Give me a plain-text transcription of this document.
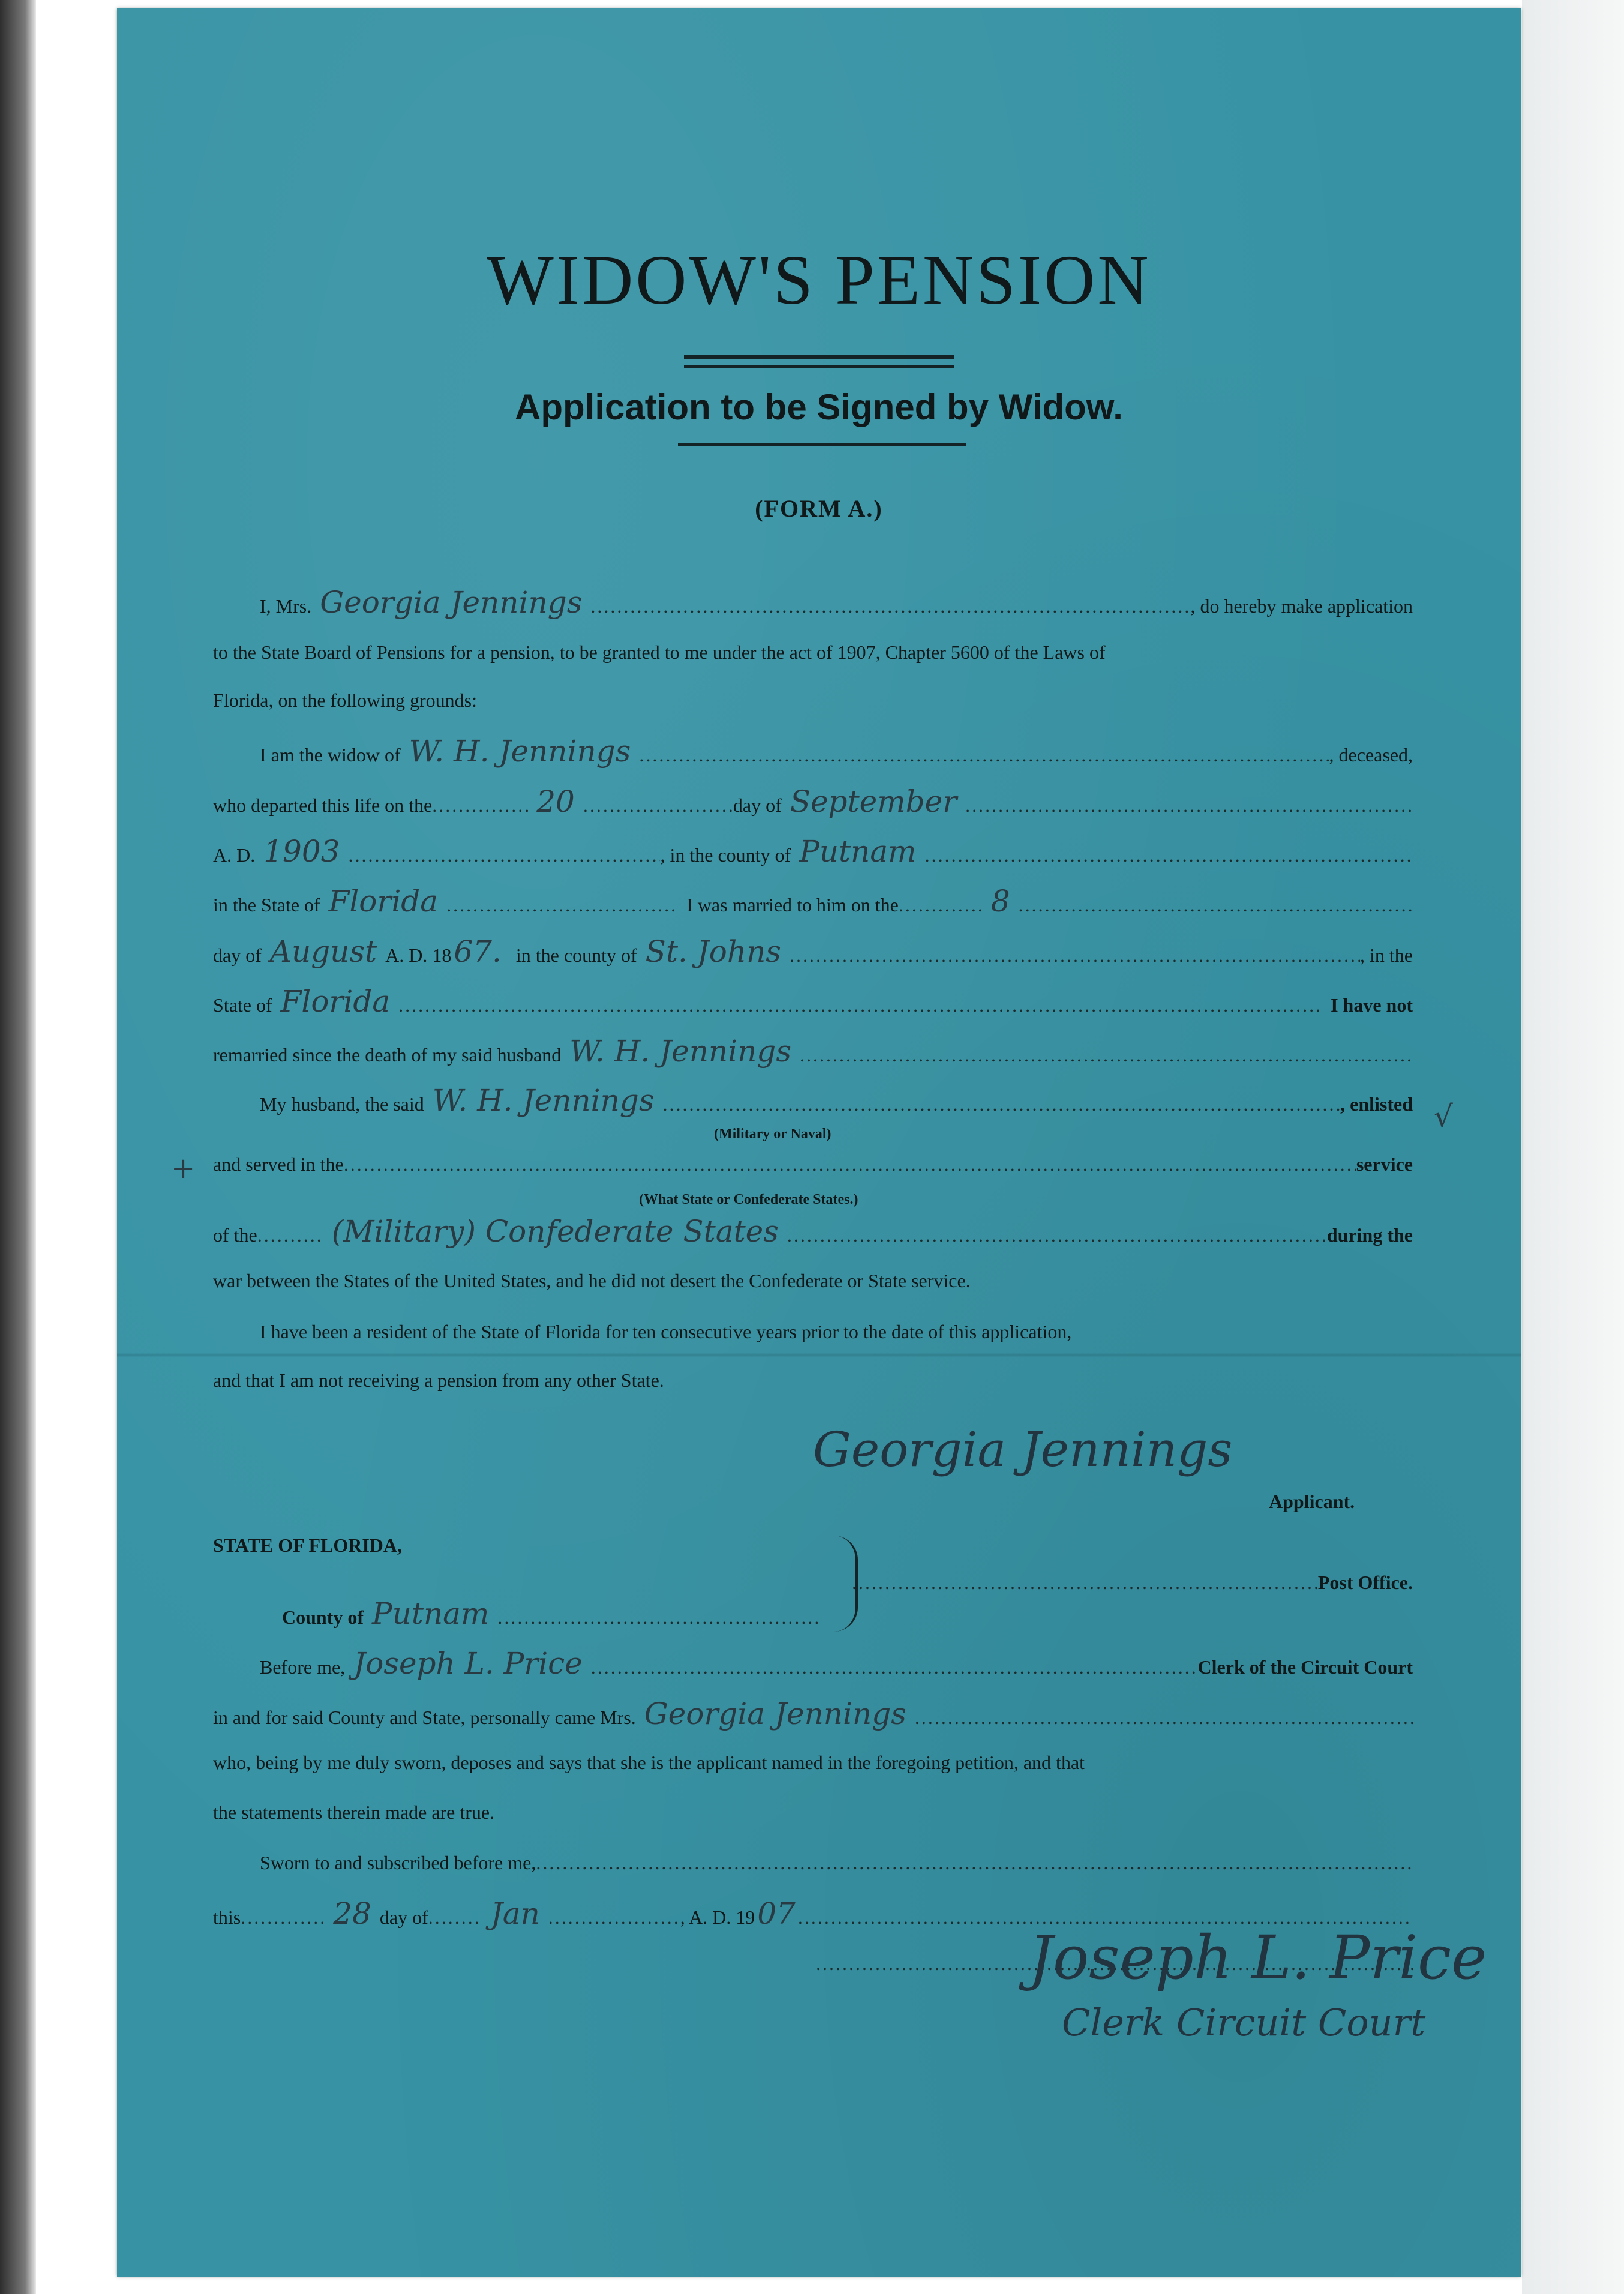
WIDOW'S PENSION
Application to be Signed by Widow.
(FORM A.)
I, Mrs. Georgia Jennings .....	, do hereby make application
to the State Board of Pensions for a pension, to be granted to me under the act of 1907, Chapter 5600 of the Laws of
Florida, on the following grounds:
I am the widow of W. H. Jennings .....	, deceased,
who departed this life on the .....	20 .....	day of September
.....
A. D. 1903 .....	, in the county of Putnam
.....
in the State of Florida .....	I was married to him on the .....	8
.....
day of August A. D. 18 67. in the county of St. Johns .....	, in the
State of Florida .....	I have not
remarried since the death of my said husband W. H. Jennings
.....
My husband, the said W. H. Jennings .....	, enlisted
(Military or Naval)	√
and served in the .....	service
+
(What State or Confederate States.)
of the ..... (Military) Confederate States .....	during the
war between the States of the United States, and he did not desert the Confederate or State service.
I have been a resident of the State of Florida for ten consecutive years prior to the date of this application,
and that I am not receiving a pension from any other State.
Georgia Jennings
Applicant.
STATE OF FLORIDA,
.....
Post Office.
County of Putnam
.....
Before me, Joseph L. Price .....	Clerk of the Circuit Court
in and for said County and State, personally came Mrs. Georgia Jennings
.....
who, being by me duly sworn, deposes and says that she is the applicant named in the foregoing petition, and that
the statements therein made are true.
Sworn to and subscribed before me,
.....
this .....	28 day of ..... Jan .....	, A. D. 19 07
.....
.....
Joseph L. Price
Clerk Circuit Court
